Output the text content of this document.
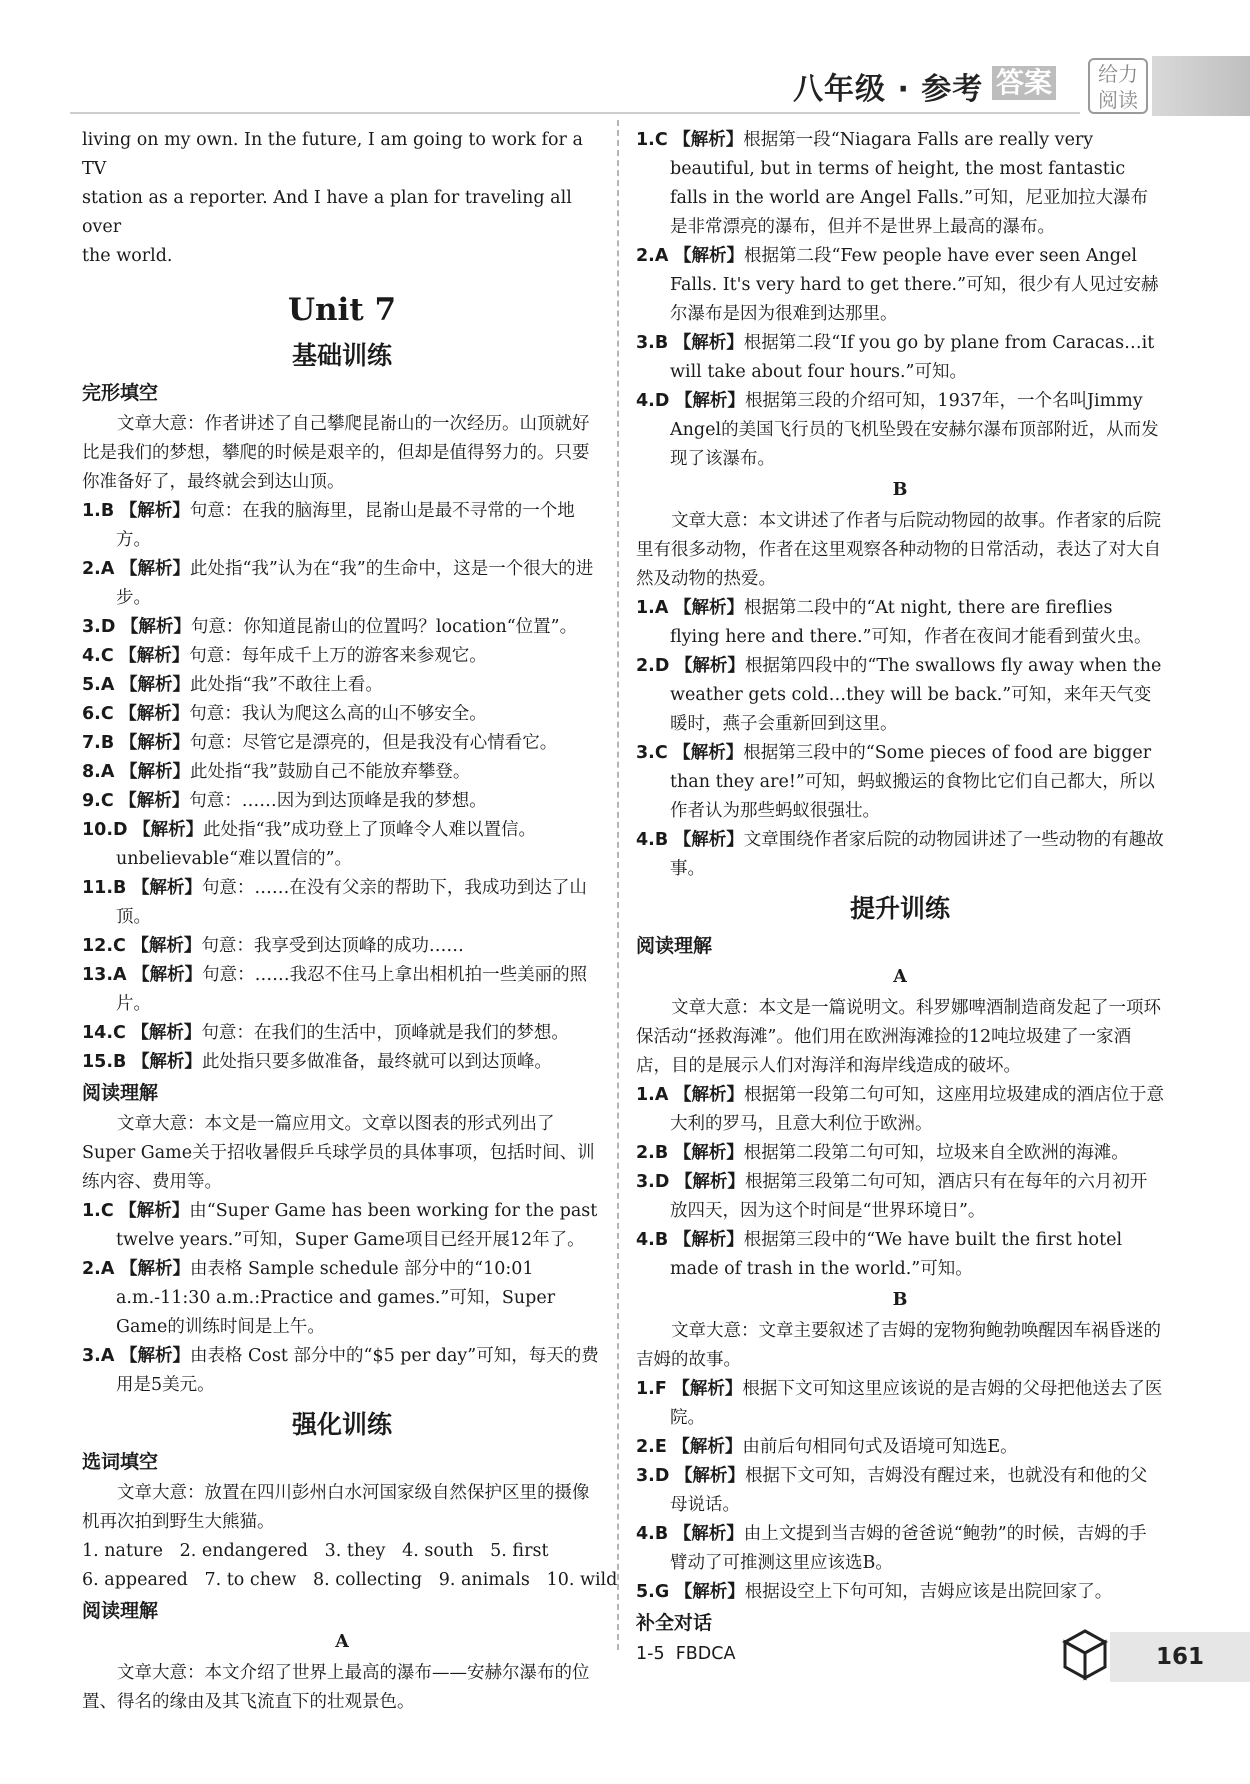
八年级 · 参考 答案	给力
阅读

living on my own. In the future, I am going to work for a TV

station as a reporter. And I have a plan for traveling all over

the world.

Unit 7
基础训练
完形填空

文章大意：作者讲述了自己攀爬昆嵛山的一次经历。山顶就好比是我们的梦想，攀爬的时候是艰辛的，但却是值得努力的。只要你准备好了，最终就会到达山顶。

1.B 【解析】句意：在我的脑海里，昆嵛山是最不寻常的一个地方。

2.A 【解析】此处指“我”认为在“我”的生命中，这是一个很大的进步。

3.D 【解析】句意：你知道昆嵛山的位置吗？location“位置”。

4.C 【解析】句意：每年成千上万的游客来参观它。

5.A 【解析】此处指“我”不敢往上看。

6.C 【解析】句意：我认为爬这么高的山不够安全。

7.B 【解析】句意：尽管它是漂亮的，但是我没有心情看它。

8.A 【解析】此处指“我”鼓励自己不能放弃攀登。

9.C 【解析】句意：……因为到达顶峰是我的梦想。

10.D 【解析】此处指“我”成功登上了顶峰令人难以置信。unbelievable“难以置信的”。

11.B 【解析】句意：……在没有父亲的帮助下，我成功到达了山顶。

12.C 【解析】句意：我享受到达顶峰的成功……

13.A 【解析】句意：……我忍不住马上拿出相机拍一些美丽的照片。

14.C 【解析】句意：在我们的生活中，顶峰就是我们的梦想。

15.B 【解析】此处指只要多做准备，最终就可以到达顶峰。

阅读理解

文章大意：本文是一篇应用文。文章以图表的形式列出了Super Game关于招收暑假乒乓球学员的具体事项，包括时间、训练内容、费用等。

1.C 【解析】由“Super Game has been working for the past twelve years.”可知，Super Game项目已经开展12年了。

2.A 【解析】由表格 Sample schedule 部分中的“10:01 a.m.-11:30 a.m.:Practice and games.”可知，Super Game的训练时间是上午。

3.A 【解析】由表格 Cost 部分中的“$5 per day”可知，每天的费用是5美元。

强化训练
选词填空

文章大意：放置在四川彭州白水河国家级自然保护区里的摄像机再次拍到野生大熊猫。

1. nature   2. endangered   3. they   4. south   5. first

6. appeared   7. to chew   8. collecting   9. animals   10. wild

阅读理解
A

文章大意：本文介绍了世界上最高的瀑布——安赫尔瀑布的位置、得名的缘由及其飞流直下的壮观景色。

1.C 【解析】根据第一段“Niagara Falls are really very beautiful, but in terms of height, the most fantastic falls in the world are Angel Falls.”可知，尼亚加拉大瀑布是非常漂亮的瀑布，但并不是世界上最高的瀑布。

2.A 【解析】根据第二段“Few people have ever seen Angel Falls. It's very hard to get there.”可知，很少有人见过安赫尔瀑布是因为很难到达那里。

3.B 【解析】根据第二段“If you go by plane from Caracas…it will take about four hours.”可知。

4.D 【解析】根据第三段的介绍可知，1937年，一个名叫Jimmy Angel的美国飞行员的飞机坠毁在安赫尔瀑布顶部附近，从而发现了该瀑布。

B

文章大意：本文讲述了作者与后院动物园的故事。作者家的后院里有很多动物，作者在这里观察各种动物的日常活动，表达了对大自然及动物的热爱。

1.A 【解析】根据第二段中的“At night, there are fireflies flying here and there.”可知，作者在夜间才能看到萤火虫。

2.D 【解析】根据第四段中的“The swallows fly away when the weather gets cold…they will be back.”可知，来年天气变暖时，燕子会重新回到这里。

3.C 【解析】根据第三段中的“Some pieces of food are bigger than they are!”可知，蚂蚁搬运的食物比它们自己都大，所以作者认为那些蚂蚁很强壮。

4.B 【解析】文章围绕作者家后院的动物园讲述了一些动物的有趣故事。

提升训练
阅读理解
A

文章大意：本文是一篇说明文。科罗娜啤酒制造商发起了一项环保活动“拯救海滩”。他们用在欧洲海滩捡的12吨垃圾建了一家酒店，目的是展示人们对海洋和海岸线造成的破坏。

1.A 【解析】根据第一段第二句可知，这座用垃圾建成的酒店位于意大利的罗马，且意大利位于欧洲。

2.B 【解析】根据第二段第二句可知，垃圾来自全欧洲的海滩。

3.D 【解析】根据第三段第二句可知，酒店只有在每年的六月初开放四天，因为这个时间是“世界环境日”。

4.B 【解析】根据第三段中的“We have built the first hotel made of trash in the world.”可知。

B

文章大意：文章主要叙述了吉姆的宠物狗鲍勃唤醒因车祸昏迷的吉姆的故事。

1.F 【解析】根据下文可知这里应该说的是吉姆的父母把他送去了医院。

2.E 【解析】由前后句相同句式及语境可知选E。

3.D 【解析】根据下文可知，吉姆没有醒过来，也就没有和他的父母说话。

4.B 【解析】由上文提到当吉姆的爸爸说“鲍勃”的时候，吉姆的手臂动了可推测这里应该选B。

5.G 【解析】根据设空上下句可知，吉姆应该是出院回家了。

补全对话

1-5  FBDCA	161
